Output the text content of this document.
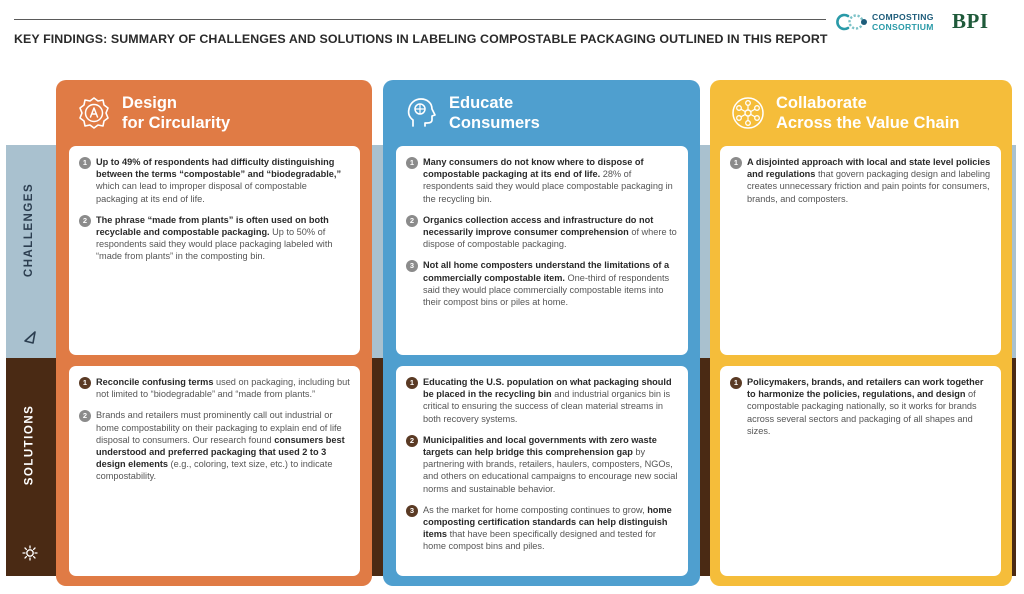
KEY FINDINGS: SUMMARY OF CHALLENGES AND SOLUTIONS IN LABELING COMPOSTABLE PACKAGING OUTLINED IN THIS REPORT
COMPOSTING
CONSORTIUM BPI
CHALLENGES
SOLUTIONS
Design
for Circularity
1 Up to 49% of respondents had difficulty distinguishing between the terms “compostable” and “biodegradable,” which can lead to improper disposal of compostable packaging at its end of life.
2 The phrase “made from plants” is often used on both recyclable and compostable packaging. Up to 50% of respondents said they would place packaging labeled with “made from plants” in the composting bin.
1 Reconcile confusing terms used on packaging, including but not limited to “biodegradable” and “made from plants.”
2 Brands and retailers must prominently call out industrial or home compostability on their packaging to explain end of life disposal to consumers. Our research found consumers best understood and preferred packaging that used 2 to 3 design elements (e.g., coloring, text size, etc.) to indicate compostability.
Educate
Consumers
1 Many consumers do not know where to dispose of compostable packaging at its end of life. 28% of respondents said they would place compostable packaging in the recycling bin.
2 Organics collection access and infrastructure do not necessarily improve consumer comprehension of where to dispose of compostable packaging.
3 Not all home composters understand the limitations of a commercially compostable item. One-third of respondents said they would place commercially compostable items into their compost bins or piles at home.
1 Educating the U.S. population on what packaging should be placed in the recycling bin and industrial organics bin is critical to ensuring the success of clean material streams in both recovery systems.
2 Municipalities and local governments with zero waste targets can help bridge this comprehension gap by partnering with brands, retailers, haulers, composters, NGOs, and others on educational campaigns to encourage new social norms and sustainable behavior.
3 As the market for home composting continues to grow, home composting certification standards can help distinguish items that have been specifically designed and tested for home compost bins and piles.
Collaborate
Across the Value Chain
1 A disjointed approach with local and state level policies and regulations that govern packaging design and labeling creates unnecessary friction and pain points for consumers, brands, and composters.
1 Policymakers, brands, and retailers can work together to harmonize the policies, regulations, and design of compostable packaging nationally, so it works for brands across several sectors and packaging of all shapes and sizes.
